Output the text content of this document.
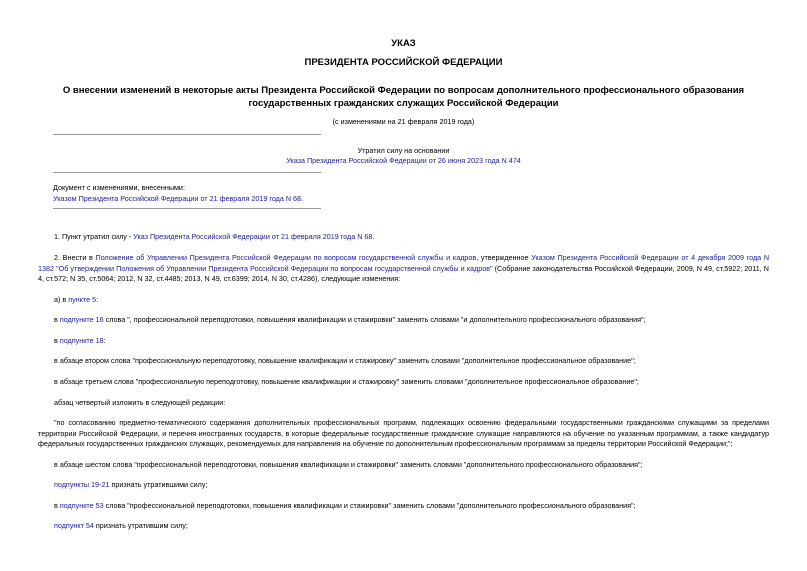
УКАЗ
ПРЕЗИДЕНТА РОССИЙСКОЙ ФЕДЕРАЦИИ
О внесении изменений в некоторые акты Президента Российской Федерации по вопросам дополнительного профессионального образования государственных гражданских служащих Российской Федерации
(с изменениями на 21 февраля 2019 года)
Утратил силу на основании
Указа Президента Российской Федерации от 26 июня 2023 года N 474
Документ с изменениями, внесенными:
Указом Президента Российской Федерации от 21 февраля 2019 года N 68.
1. Пункт утратил силу - Указ Президента Российской Федерации от 21 февраля 2019 года N 68.
2. Внести в Положение об Управлении Президента Российской Федерации по вопросам государственной службы и кадров, утвержденное Указом Президента Российской Федерации от 4 декабря 2009 года N 1382 "Об утверждении Положения об Управлении Президента Российской Федерации по вопросам государственной службы и кадров" (Собрание законодательства Российской Федерации, 2009, N 49, ст.5922; 2011, N 4, ст.572; N 35, ст.5064; 2012, N 32, ст.4485; 2013, N 49, ст.6399; 2014, N 30, ст.4286), следующие изменения:
а) в пункте 5:
в подпункте 16 слова ", профессиональной переподготовки, повышения квалификации и стажировки" заменить словами "и дополнительного профессионального образования";
в подпункте 18:
в абзаце втором слова "профессиональную переподготовку, повышение квалификации и стажировку" заменить словами "дополнительное профессиональное образование";
в абзаце третьем слова "профессиональную переподготовку, повышение квалификации и стажировку" заменить словами "дополнительное профессиональное образование";
абзац четвертый изложить в следующей редакции:
"по согласованию предметно-тематического содержания дополнительных профессиональных программ, подлежащих освоению федеральными государственными гражданскими служащими за пределами территории Российской Федерации, и перечня иностранных государств, в которые федеральные государственные гражданские служащие направляются на обучение по указанным программам, а также кандидатур федеральных государственных гражданских служащих, рекомендуемых для направления на обучение по дополнительным профессиональным программам за пределы территории Российской Федерации;";
в абзаце шестом слова "профессиональной переподготовки, повышения квалификации и стажировки" заменить словами "дополнительного профессионального образования";
подпункты 19-21 признать утратившими силу;
в подпункте 53 слова "профессиональной переподготовки, повышения квалификации и стажировки" заменить словами "дополнительного профессионального образования";
подпункт 54 признать утратившим силу;
